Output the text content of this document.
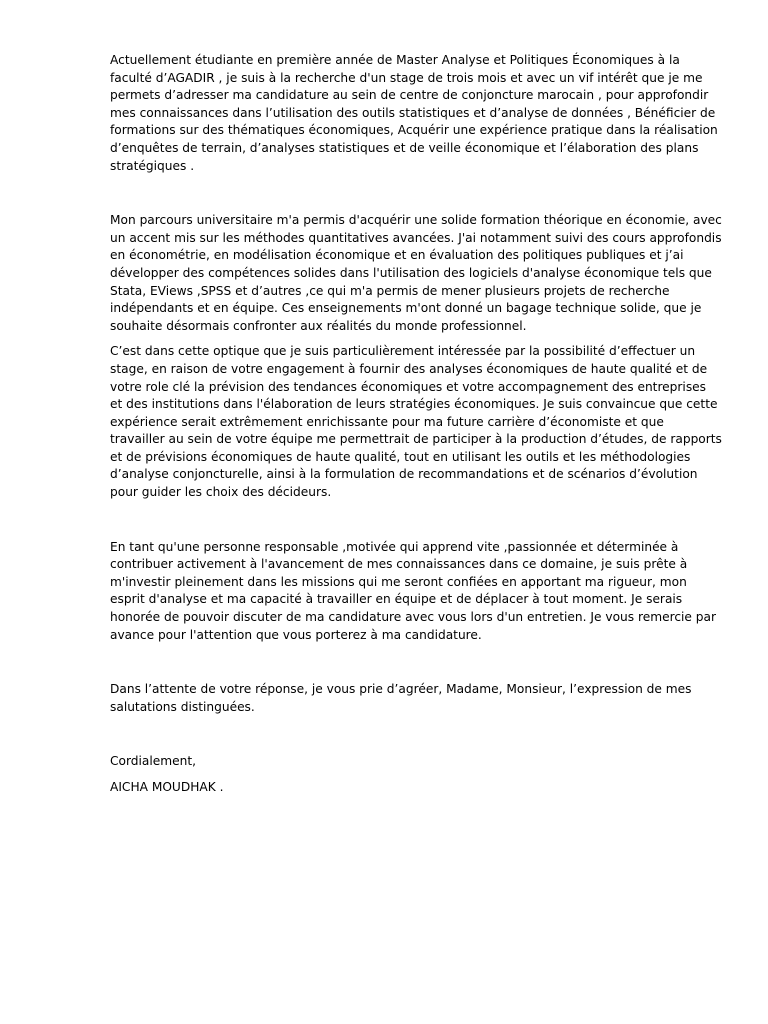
Actuellement étudiante en première année de Master Analyse et Politiques Économiques à la faculté d’AGADIR , je suis à la recherche d'un stage de trois mois et avec un vif intérêt que je me permets d’adresser ma candidature au sein de centre de conjoncture marocain , pour approfondir mes connaissances dans l’utilisation des outils statistiques et d’analyse de données , Bénéficier de formations sur des thématiques économiques, Acquérir une expérience pratique dans la réalisation d’enquêtes de terrain, d’analyses statistiques et de veille économique et l’élaboration des plans stratégiques .

Mon parcours universitaire m'a permis d'acquérir une solide formation théorique en économie, avec un accent mis sur les méthodes quantitatives avancées. J'ai notamment suivi des cours approfondis en économétrie, en modélisation économique et en évaluation des politiques publiques et j’ai développer des compétences solides dans l'utilisation des logiciels d'analyse économique tels que Stata, EViews ,SPSS et d’autres ,ce qui m'a permis de mener plusieurs projets de recherche indépendants et en équipe. Ces enseignements m'ont donné un bagage technique solide, que je souhaite désormais confronter aux réalités du monde professionnel.

C’est dans cette optique que je suis particulièrement intéressée par la possibilité d’effectuer un stage, en raison de votre engagement à fournir des analyses économiques de haute qualité et de votre role clé la prévision des tendances économiques et votre accompagnement des entreprises et des institutions dans l'élaboration de leurs stratégies économiques. Je suis convaincue que cette expérience serait extrêmement enrichissante pour ma future carrière d’économiste et que travailler au sein de votre équipe me permettrait de participer à la production d’études, de rapports et de prévisions économiques de haute qualité, tout en utilisant les outils et les méthodologies d’analyse conjoncturelle, ainsi à la formulation de recommandations et de scénarios d’évolution pour guider les choix des décideurs.

En tant qu'une personne responsable ,motivée qui apprend vite ,passionnée et déterminée à contribuer activement à l'avancement de mes connaissances dans ce domaine, je suis prête à m'investir pleinement dans les missions qui me seront confiées en apportant ma rigueur, mon esprit d'analyse et ma capacité à travailler en équipe et de déplacer à tout moment. Je serais honorée de pouvoir discuter de ma candidature avec vous lors d'un entretien. Je vous remercie par avance pour l'attention que vous porterez à ma candidature.

Dans l’attente de votre réponse, je vous prie d’agréer, Madame, Monsieur, l’expression de mes salutations distinguées.

Cordialement,

AICHA MOUDHAK .
